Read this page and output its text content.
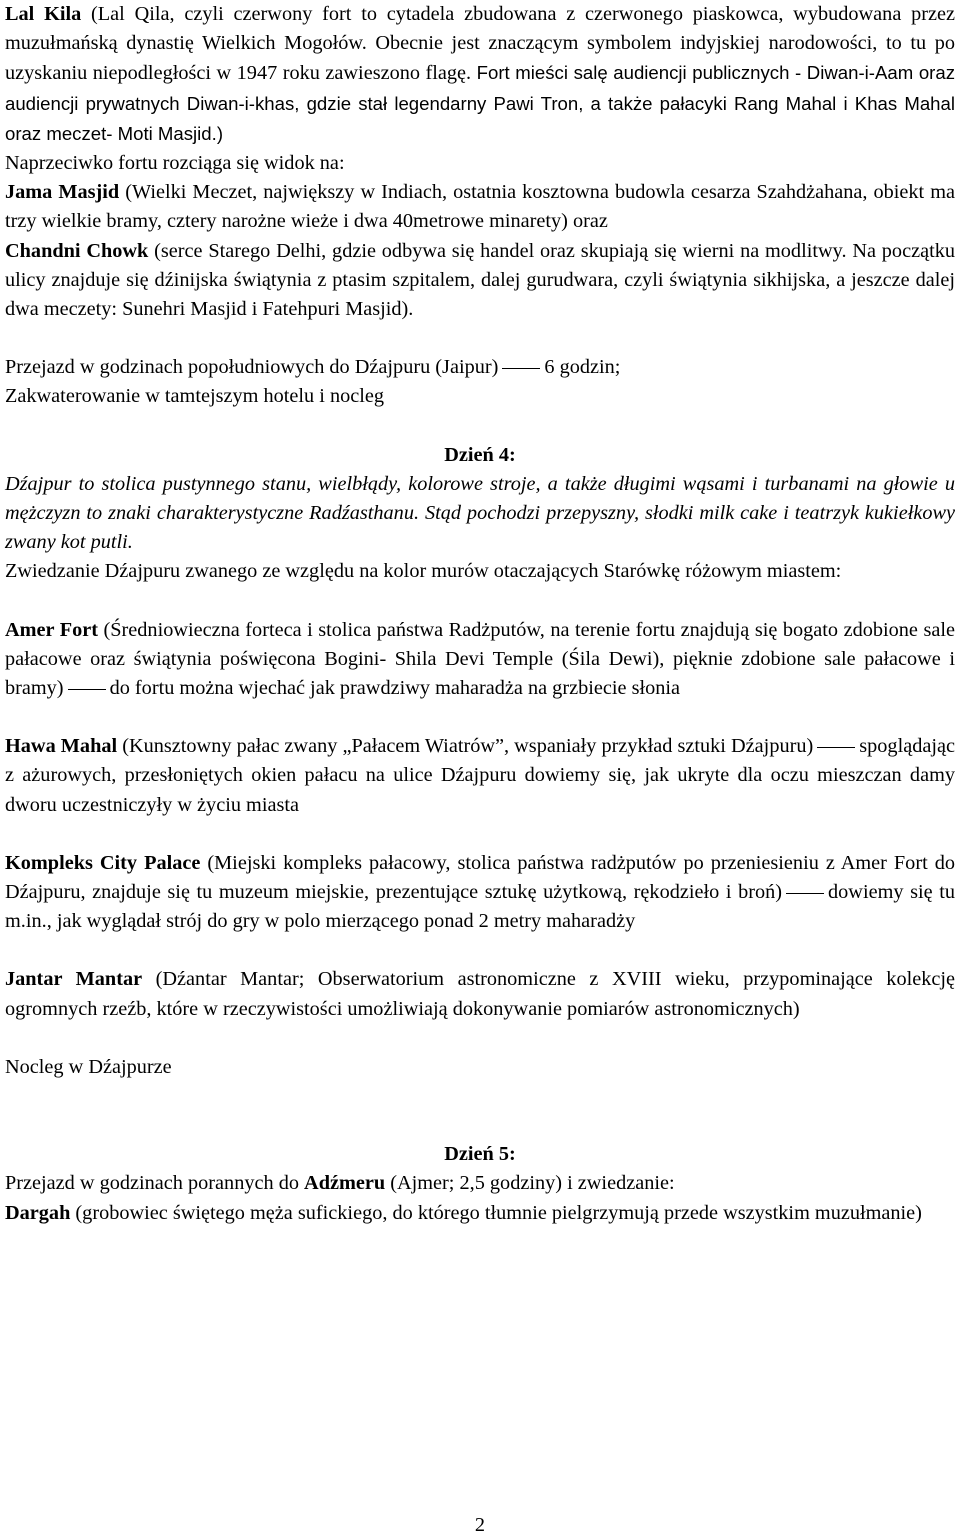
Lal Kila (Lal Qila, czyli czerwony fort to cytadela zbudowana z czerwonego piaskowca, wybudowana przez muzułmańską dynastię Wielkich Mogołów. Obecnie jest znaczącym symbolem indyjskiej narodowości, to tu po uzyskaniu niepodległości w 1947 roku zawieszono flagę. Fort mieści salę audiencji publicznych - Diwan-i-Aam oraz audiencji prywatnych Diwan-i-khas, gdzie stał legendarny Pawi Tron, a także pałacyki Rang Mahal i Khas Mahal oraz meczet- Moti Masjid.)

Naprzeciwko fortu rozciąga się widok na:

Jama Masjid (Wielki Meczet, największy w Indiach, ostatnia kosztowna budowla cesarza Szahdżahana, obiekt ma trzy wielkie bramy, cztery narożne wieże i dwa 40metrowe minarety) oraz

Chandni Chowk (serce Starego Delhi, gdzie odbywa się handel oraz skupiają się wierni na modlitwy. Na początku ulicy znajduje się dźinijska świątynia z ptasim szpitalem, dalej gurudwara, czyli świątynia sikhijska, a jeszcze dalej dwa meczety: Sunehri Masjid i Fatehpuri Masjid).

Przejazd w godzinach popołudniowych do Dźajpuru (Jaipur) 6 godzin;
Zakwaterowanie w tamtejszym hotelu i nocleg

Dzień 4:

Dźajpur to stolica pustynnego stanu, wielbłądy, kolorowe stroje, a także długimi wąsami i turbanami na głowie u mężczyzn to znaki charakterystyczne Radźasthanu. Stąd pochodzi przepyszny, słodki milk cake i teatrzyk kukiełkowy zwany kot putli.

Zwiedzanie Dźajpuru zwanego ze względu na kolor murów otaczających Starówkę różowym miastem:

Amer Fort (Średniowieczna forteca i stolica państwa Radżputów, na terenie fortu znajdują się bogato zdobione sale pałacowe oraz świątynia poświęcona Bogini- Shila Devi Temple (Śila Dewi), pięknie zdobione sale pałacowe i bramy) do fortu można wjechać jak prawdziwy maharadża na grzbiecie słonia

Hawa Mahal (Kunsztowny pałac zwany „Pałacem Wiatrów”, wspaniały przykład sztuki Dźajpuru) spoglądając z ażurowych, przesłoniętych okien pałacu na ulice Dźajpuru dowiemy się, jak ukryte dla oczu mieszczan damy dworu uczestniczyły w życiu miasta

Kompleks City Palace (Miejski kompleks pałacowy, stolica państwa radżputów po przeniesieniu z Amer Fort do Dźajpuru, znajduje się tu muzeum miejskie, prezentujące sztukę użytkową, rękodzieło i broń) dowiemy się tu m.in., jak wyglądał strój do gry w polo mierzącego ponad 2 metry maharadży

Jantar Mantar (Dźantar Mantar; Obserwatorium astronomiczne z XVIII wieku, przypominające kolekcję ogromnych rzeźb, które w rzeczywistości umożliwiają dokonywanie pomiarów astronomicznych)

Nocleg w Dźajpurze

Dzień 5:

Przejazd w godzinach porannych do Adźmeru (Ajmer; 2,5 godziny) i zwiedzanie:

Dargah (grobowiec świętego męża sufickiego, do którego tłumnie pielgrzymują przede wszystkim muzułmanie)

2
